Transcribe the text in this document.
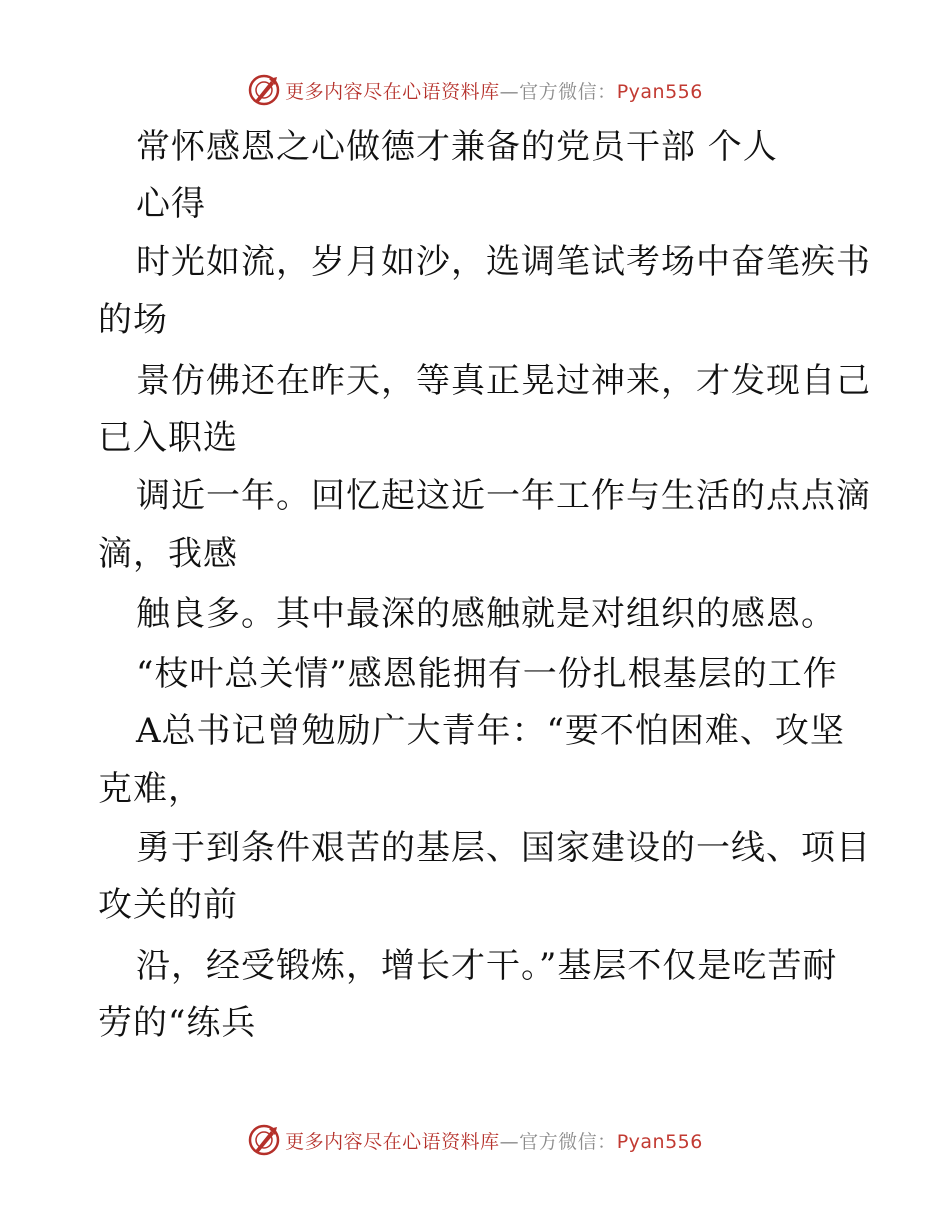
更多内容尽在心语资料库—官方微信：Pyan556
常怀感恩之心做德才兼备的党员干部 个人
心得
时光如流，岁月如沙，选调笔试考场中奋笔疾书
的场
景仿佛还在昨天，等真正晃过神来，才发现自己
已入职选
调近一年。回忆起这近一年工作与生活的点点滴
滴，我感
触良多。其中最深的感触就是对组织的感恩。
“枝叶总关情”感恩能拥有一份扎根基层的工作
A总书记曾勉励广大青年：“要不怕困难、攻坚
克难，
勇于到条件艰苦的基层、国家建设的一线、项目
攻关的前
沿，经受锻炼，增长才干。”基层不仅是吃苦耐
劳的“练兵
更多内容尽在心语资料库—官方微信：Pyan556
